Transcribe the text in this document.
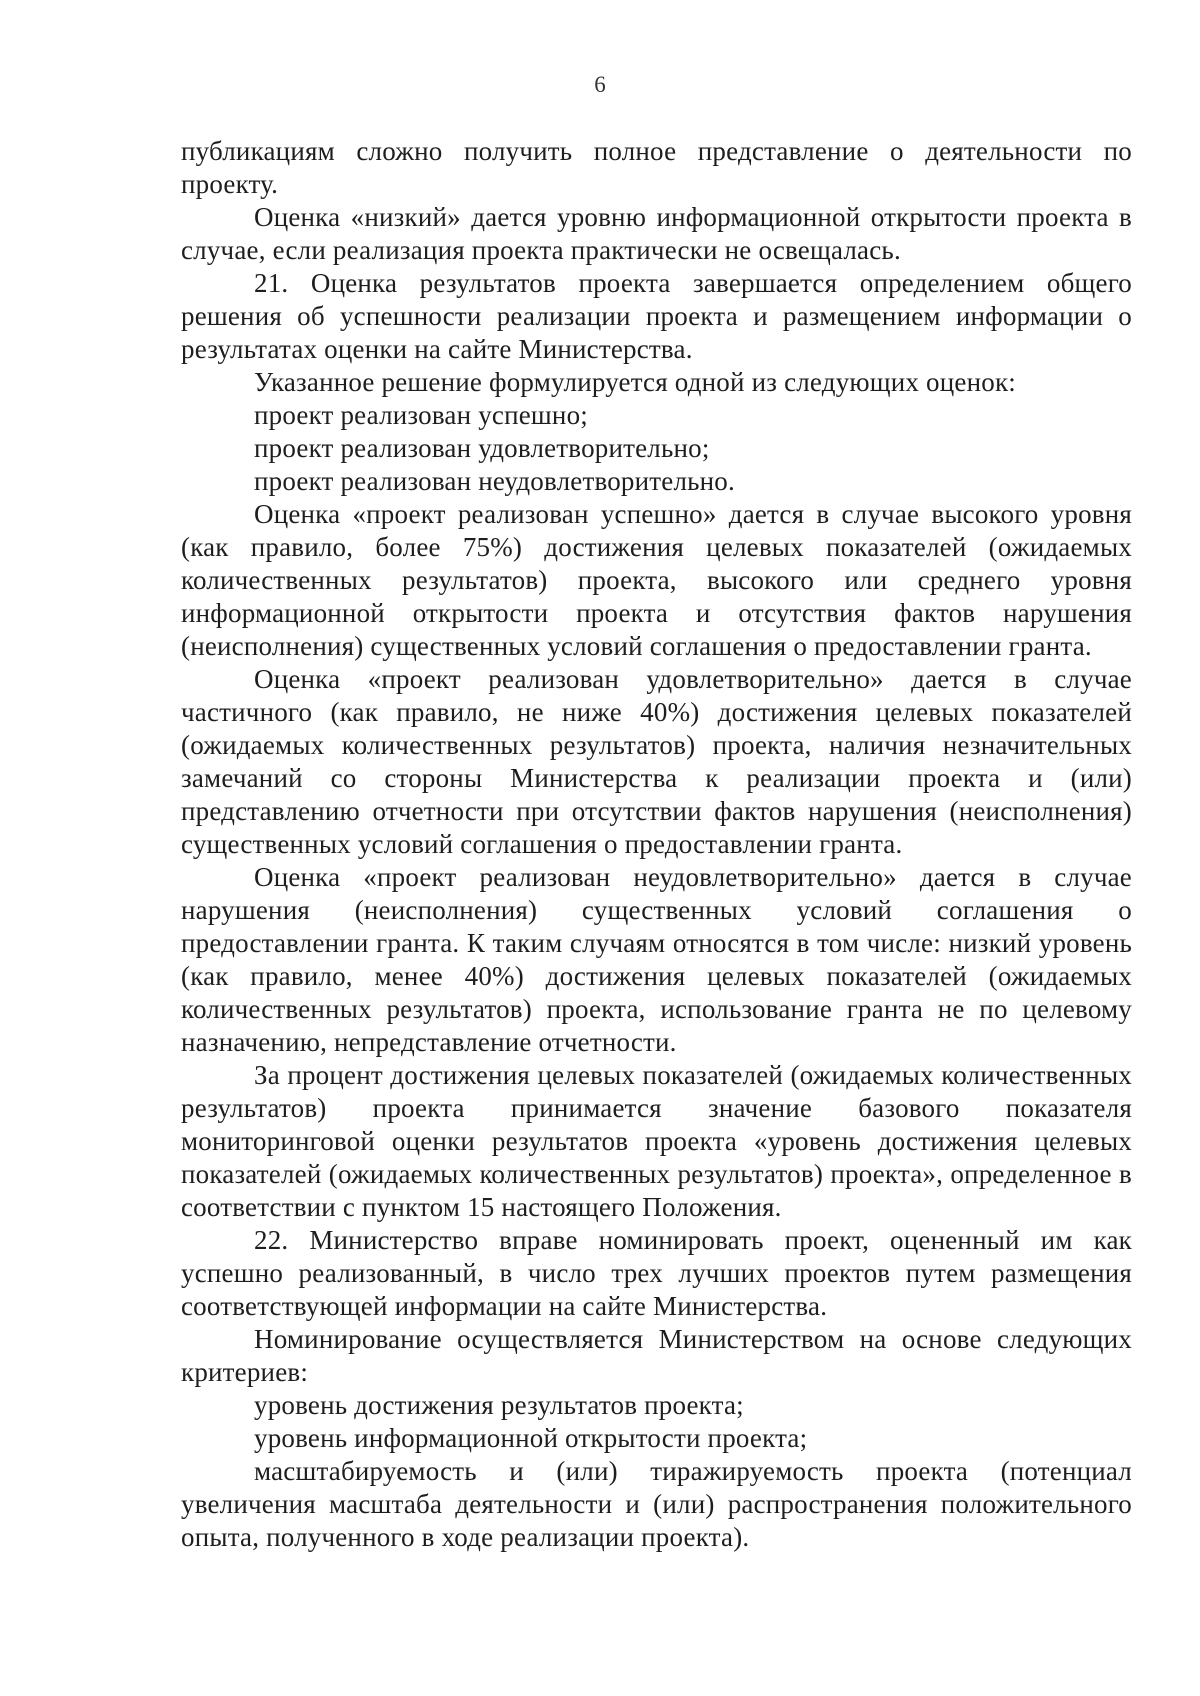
6

публикациям сложно получить полное представление о деятельности по проекту.

Оценка «низкий» дается уровню информационной открытости проекта в случае, если реализация проекта практически не освещалась.

21. Оценка результатов проекта завершается определением общего решения об успешности реализации проекта и размещением информации о результатах оценки на сайте Министерства.

Указанное решение формулируется одной из следующих оценок:

проект реализован успешно;

проект реализован удовлетворительно;

проект реализован неудовлетворительно.

Оценка «проект реализован успешно» дается в случае высокого уровня (как правило, более 75%) достижения целевых показателей (ожидаемых количественных результатов) проекта, высокого или среднего уровня информационной открытости проекта и отсутствия фактов нарушения (неисполнения) существенных условий соглашения о предоставлении гранта.

Оценка «проект реализован удовлетворительно» дается в случае частичного (как правило, не ниже 40%) достижения целевых показателей (ожидаемых количественных результатов) проекта, наличия незначительных замечаний со стороны Министерства к реализации проекта и (или) представлению отчетности при отсутствии фактов нарушения (неисполнения) существенных условий соглашения о предоставлении гранта.

Оценка «проект реализован неудовлетворительно» дается в случае нарушения (неисполнения) существенных условий соглашения о предоставлении гранта. К таким случаям относятся в том числе: низкий уровень (как правило, менее 40%) достижения целевых показателей (ожидаемых количественных результатов) проекта, использование гранта не по целевому назначению, непредставление отчетности.

За процент достижения целевых показателей (ожидаемых количественных результатов) проекта принимается значение базового показателя мониторинговой оценки результатов проекта «уровень достижения целевых показателей (ожидаемых количественных результатов) проекта», определенное в соответствии с пунктом 15 настоящего Положения.

22. Министерство вправе номинировать проект, оцененный им как успешно реализованный, в число трех лучших проектов путем размещения соответствующей информации на сайте Министерства.

Номинирование осуществляется Министерством на основе следующих критериев:

уровень достижения результатов проекта;

уровень информационной открытости проекта;

масштабируемость и (или) тиражируемость проекта (потенциал увеличения масштаба деятельности и (или) распространения положительного опыта, полученного в ходе реализации проекта).
